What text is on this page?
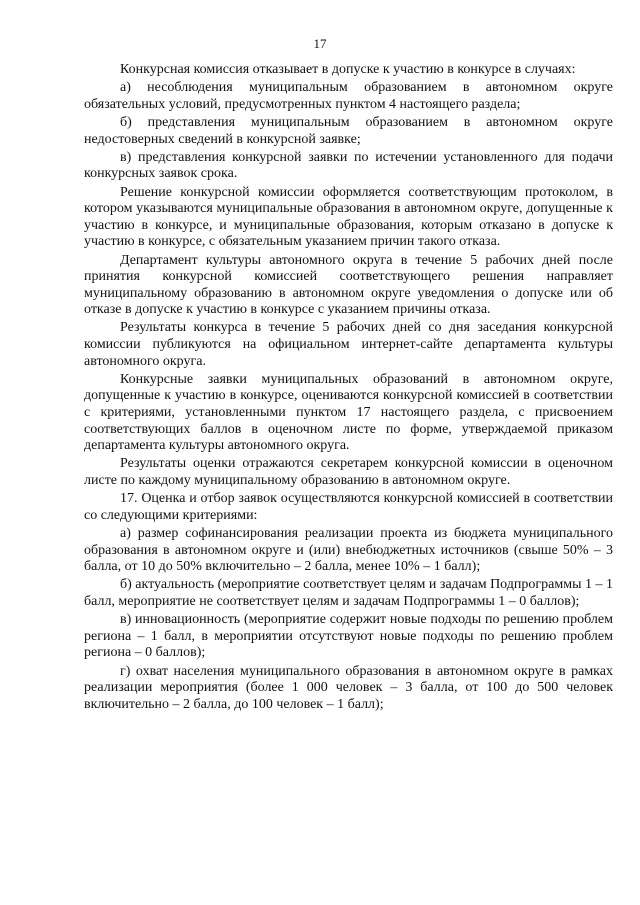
17

Конкурсная комиссия отказывает в допуске к участию в конкурсе в случаях:

а) несоблюдения муниципальным образованием в автономном округе обязательных условий, предусмотренных пунктом 4 настоящего раздела;

б) представления муниципальным образованием в автономном округе недостоверных сведений в конкурсной заявке;

в) представления конкурсной заявки по истечении установленного для подачи конкурсных заявок срока.

Решение конкурсной комиссии оформляется соответствующим протоколом, в котором указываются муниципальные образования в автономном округе, допущенные к участию в конкурсе, и муниципальные образования, которым отказано в допуске к участию в конкурсе, с обязательным указанием причин такого отказа.

Департамент культуры автономного округа в течение 5 рабочих дней после принятия конкурсной комиссией соответствующего решения направляет муниципальному образованию в автономном округе уведомления о допуске или об отказе в допуске к участию в конкурсе с указанием причины отказа.

Результаты конкурса в течение 5 рабочих дней со дня заседания конкурсной комиссии публикуются на официальном интернет-сайте департамента культуры автономного округа.

Конкурсные заявки муниципальных образований в автономном округе, допущенные к участию в конкурсе, оцениваются конкурсной комиссией в соответствии с критериями, установленными пунктом 17 настоящего раздела, с присвоением соответствующих баллов в оценочном листе по форме, утверждаемой приказом департамента культуры автономного округа.

Результаты оценки отражаются секретарем конкурсной комиссии в оценочном листе по каждому муниципальному образованию в автономном округе.

17. Оценка и отбор заявок осуществляются конкурсной комиссией в соответствии со следующими критериями:

а) размер софинансирования реализации проекта из бюджета муниципального образования в автономном округе и (или) внебюджетных источников (свыше 50% – 3 балла, от 10 до 50% включительно – 2 балла, менее 10% – 1 балл);

б) актуальность (мероприятие соответствует целям и задачам Подпрограммы 1 – 1 балл, мероприятие не соответствует целям и задачам Подпрограммы 1 – 0 баллов);

в) инновационность (мероприятие содержит новые подходы по решению проблем региона – 1 балл, в мероприятии отсутствуют новые подходы по решению проблем региона – 0 баллов);

г) охват населения муниципального образования в автономном округе в рамках реализации мероприятия (более 1 000 человек – 3 балла, от 100 до 500 человек включительно – 2 балла, до 100 человек – 1 балл);
